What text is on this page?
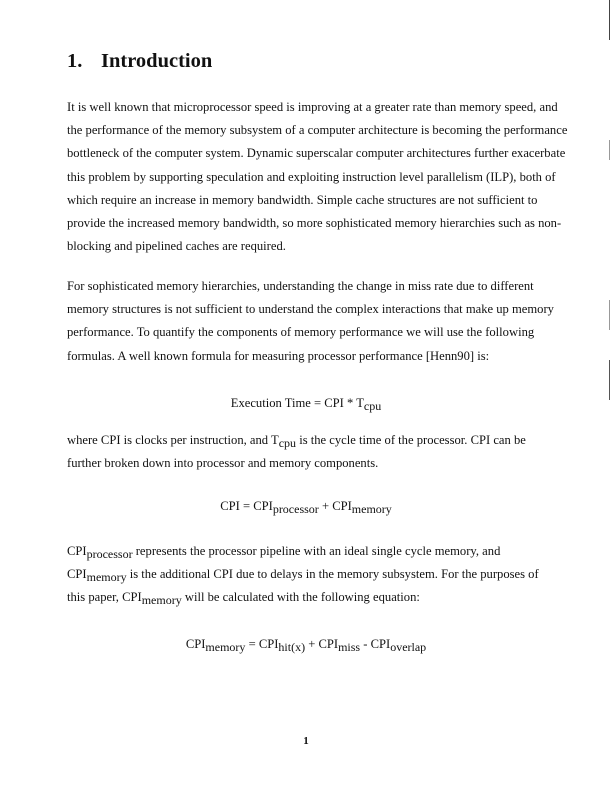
1. Introduction
It is well known that microprocessor speed is improving at a greater rate than memory speed, and
the performance of the memory subsystem of a computer architecture is becoming the performance
bottleneck of the computer system. Dynamic superscalar computer architectures further exacerbate
this problem by supporting speculation and exploiting instruction level parallelism (ILP), both of
which require an increase in memory bandwidth. Simple cache structures are not sufficient to
provide the increased memory bandwidth, so more sophisticated memory hierarchies such as non-
blocking and pipelined caches are required.
For sophisticated memory hierarchies, understanding the change in miss rate due to different
memory structures is not sufficient to understand the complex interactions that make up memory
performance. To quantify the components of memory performance we will use the following
formulas. A well known formula for measuring processor performance [Henn90] is:
Execution Time = CPI * $T_{cpu}$
where CPI is clocks per instruction, and $T_{cpu}$ is the cycle time of the processor. CPI can be
further broken down into processor and memory components.
CPI = $CPI_{processor} + CPI_{memory}$
$CPI_{processor}$ represents the processor pipeline with an ideal single cycle memory, and
$CPI_{memory}$ is the additional CPI due to delays in the memory subsystem. For the purposes of
this paper, $CPI_{memory}$ will be calculated with the following equation:
$CPI_{memory} = CPI_{hit(x)} + CPI_{miss} - CPI_{overlap}$
1
